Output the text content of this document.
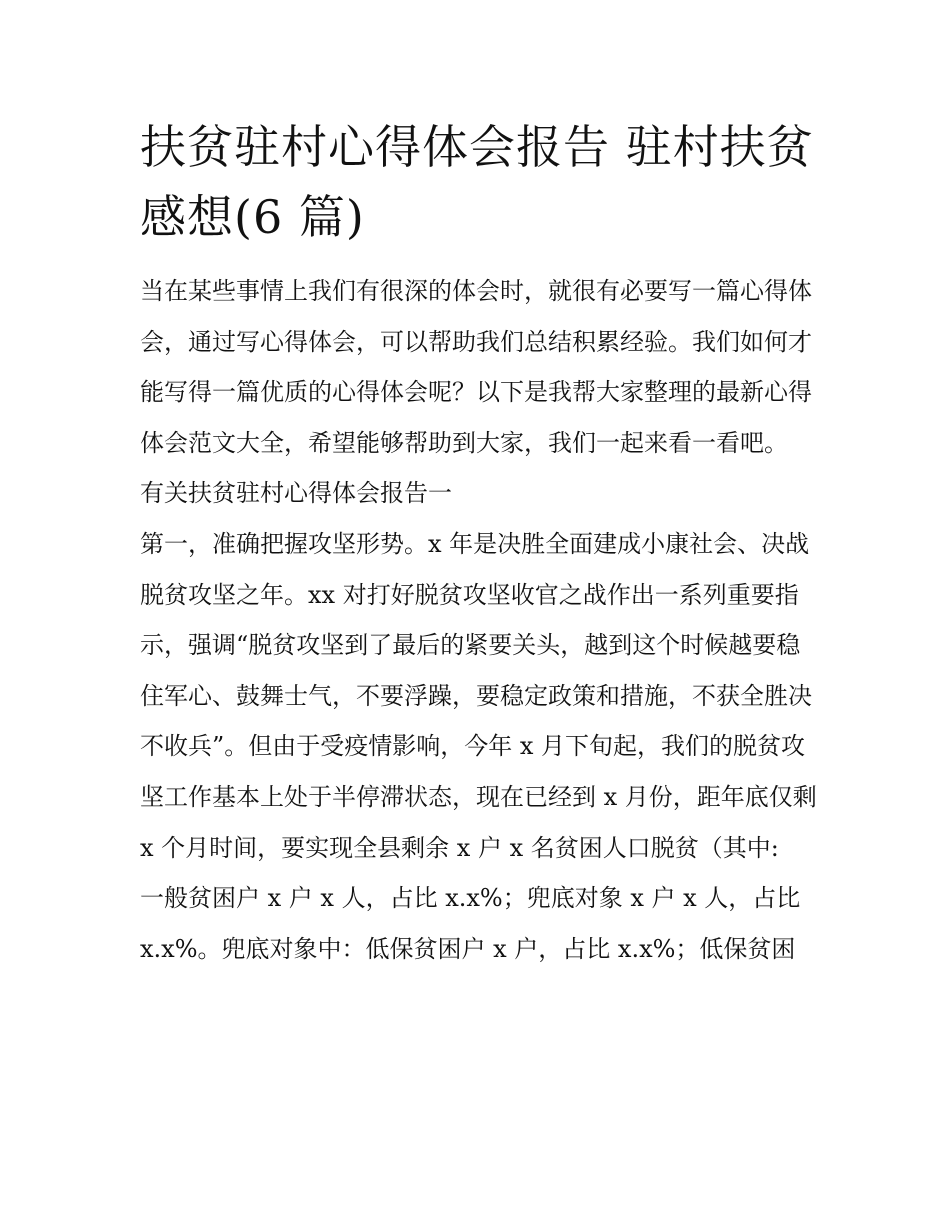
扶贫驻村心得体会报告 驻村扶贫感想(6 篇)

当在某些事情上我们有很深的体会时，就很有必要写一篇心得体会，通过写心得体会，可以帮助我们总结积累经验。我们如何才能写得一篇优质的心得体会呢？以下是我帮大家整理的最新心得体会范文大全，希望能够帮助到大家，我们一起来看一看吧。

有关扶贫驻村心得体会报告一

第一，准确把握攻坚形势。x 年是决胜全面建成小康社会、决战脱贫攻坚之年。xx 对打好脱贫攻坚收官之战作出一系列重要指示，强调“脱贫攻坚到了最后的紧要关头，越到这个时候越要稳住军心、鼓舞士气，不要浮躁，要稳定政策和措施，不获全胜决不收兵”。但由于受疫情影响，今年 x 月下旬起，我们的脱贫攻坚工作基本上处于半停滞状态，现在已经到 x 月份，距年底仅剩 x 个月时间，要实现全县剩余 x 户 x 名贫困人口脱贫（其中:

一般贫困户 x 户 x 人，占比 x.x%；兜底对象 x 户 x 人，占比 x.x%。兜底对象中：低保贫困户 x 户，占比 x.x%；低保贫困
